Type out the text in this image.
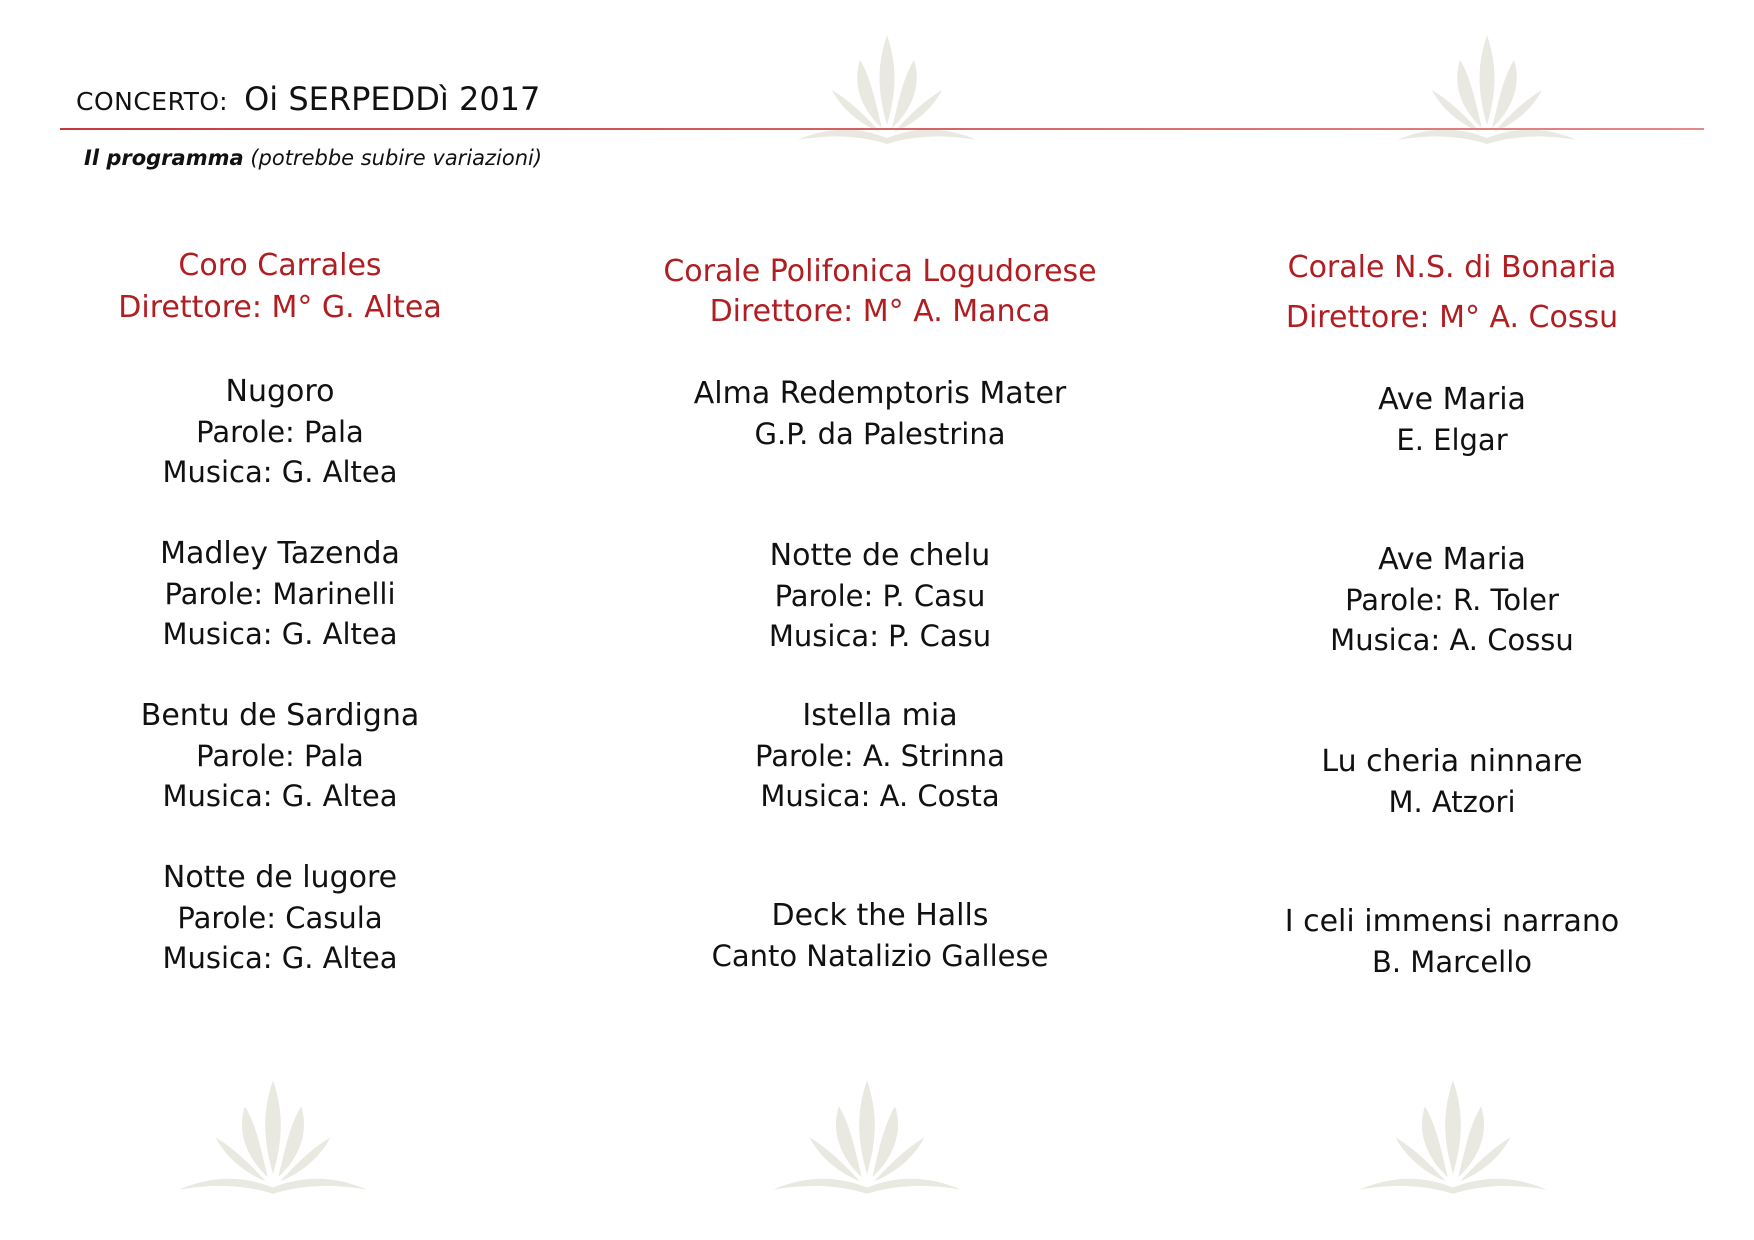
CONCERTO: Oi SERPEDDì 2017
Il programma (potrebbe subire variazioni)
Coro Carrales
Direttore: M° G. Altea
Nugoro
Parole: Pala
Musica: G. Altea
Madley Tazenda
Parole: Marinelli
Musica: G. Altea
Bentu de Sardigna
Parole: Pala
Musica: G. Altea
Notte de lugore
Parole: Casula
Musica: G. Altea
Corale Polifonica Logudorese
Direttore: M° A. Manca
Alma Redemptoris Mater
G.P. da Palestrina
Notte de chelu
Parole: P. Casu
Musica: P. Casu
Istella mia
Parole: A. Strinna
Musica: A. Costa
Deck the Halls
Canto Natalizio Gallese
Corale N.S. di Bonaria
Direttore: M° A. Cossu
Ave Maria
E. Elgar
Ave Maria
Parole: R. Toler
Musica: A. Cossu
Lu cheria ninnare
M. Atzori
I celi immensi narrano
B. Marcello
